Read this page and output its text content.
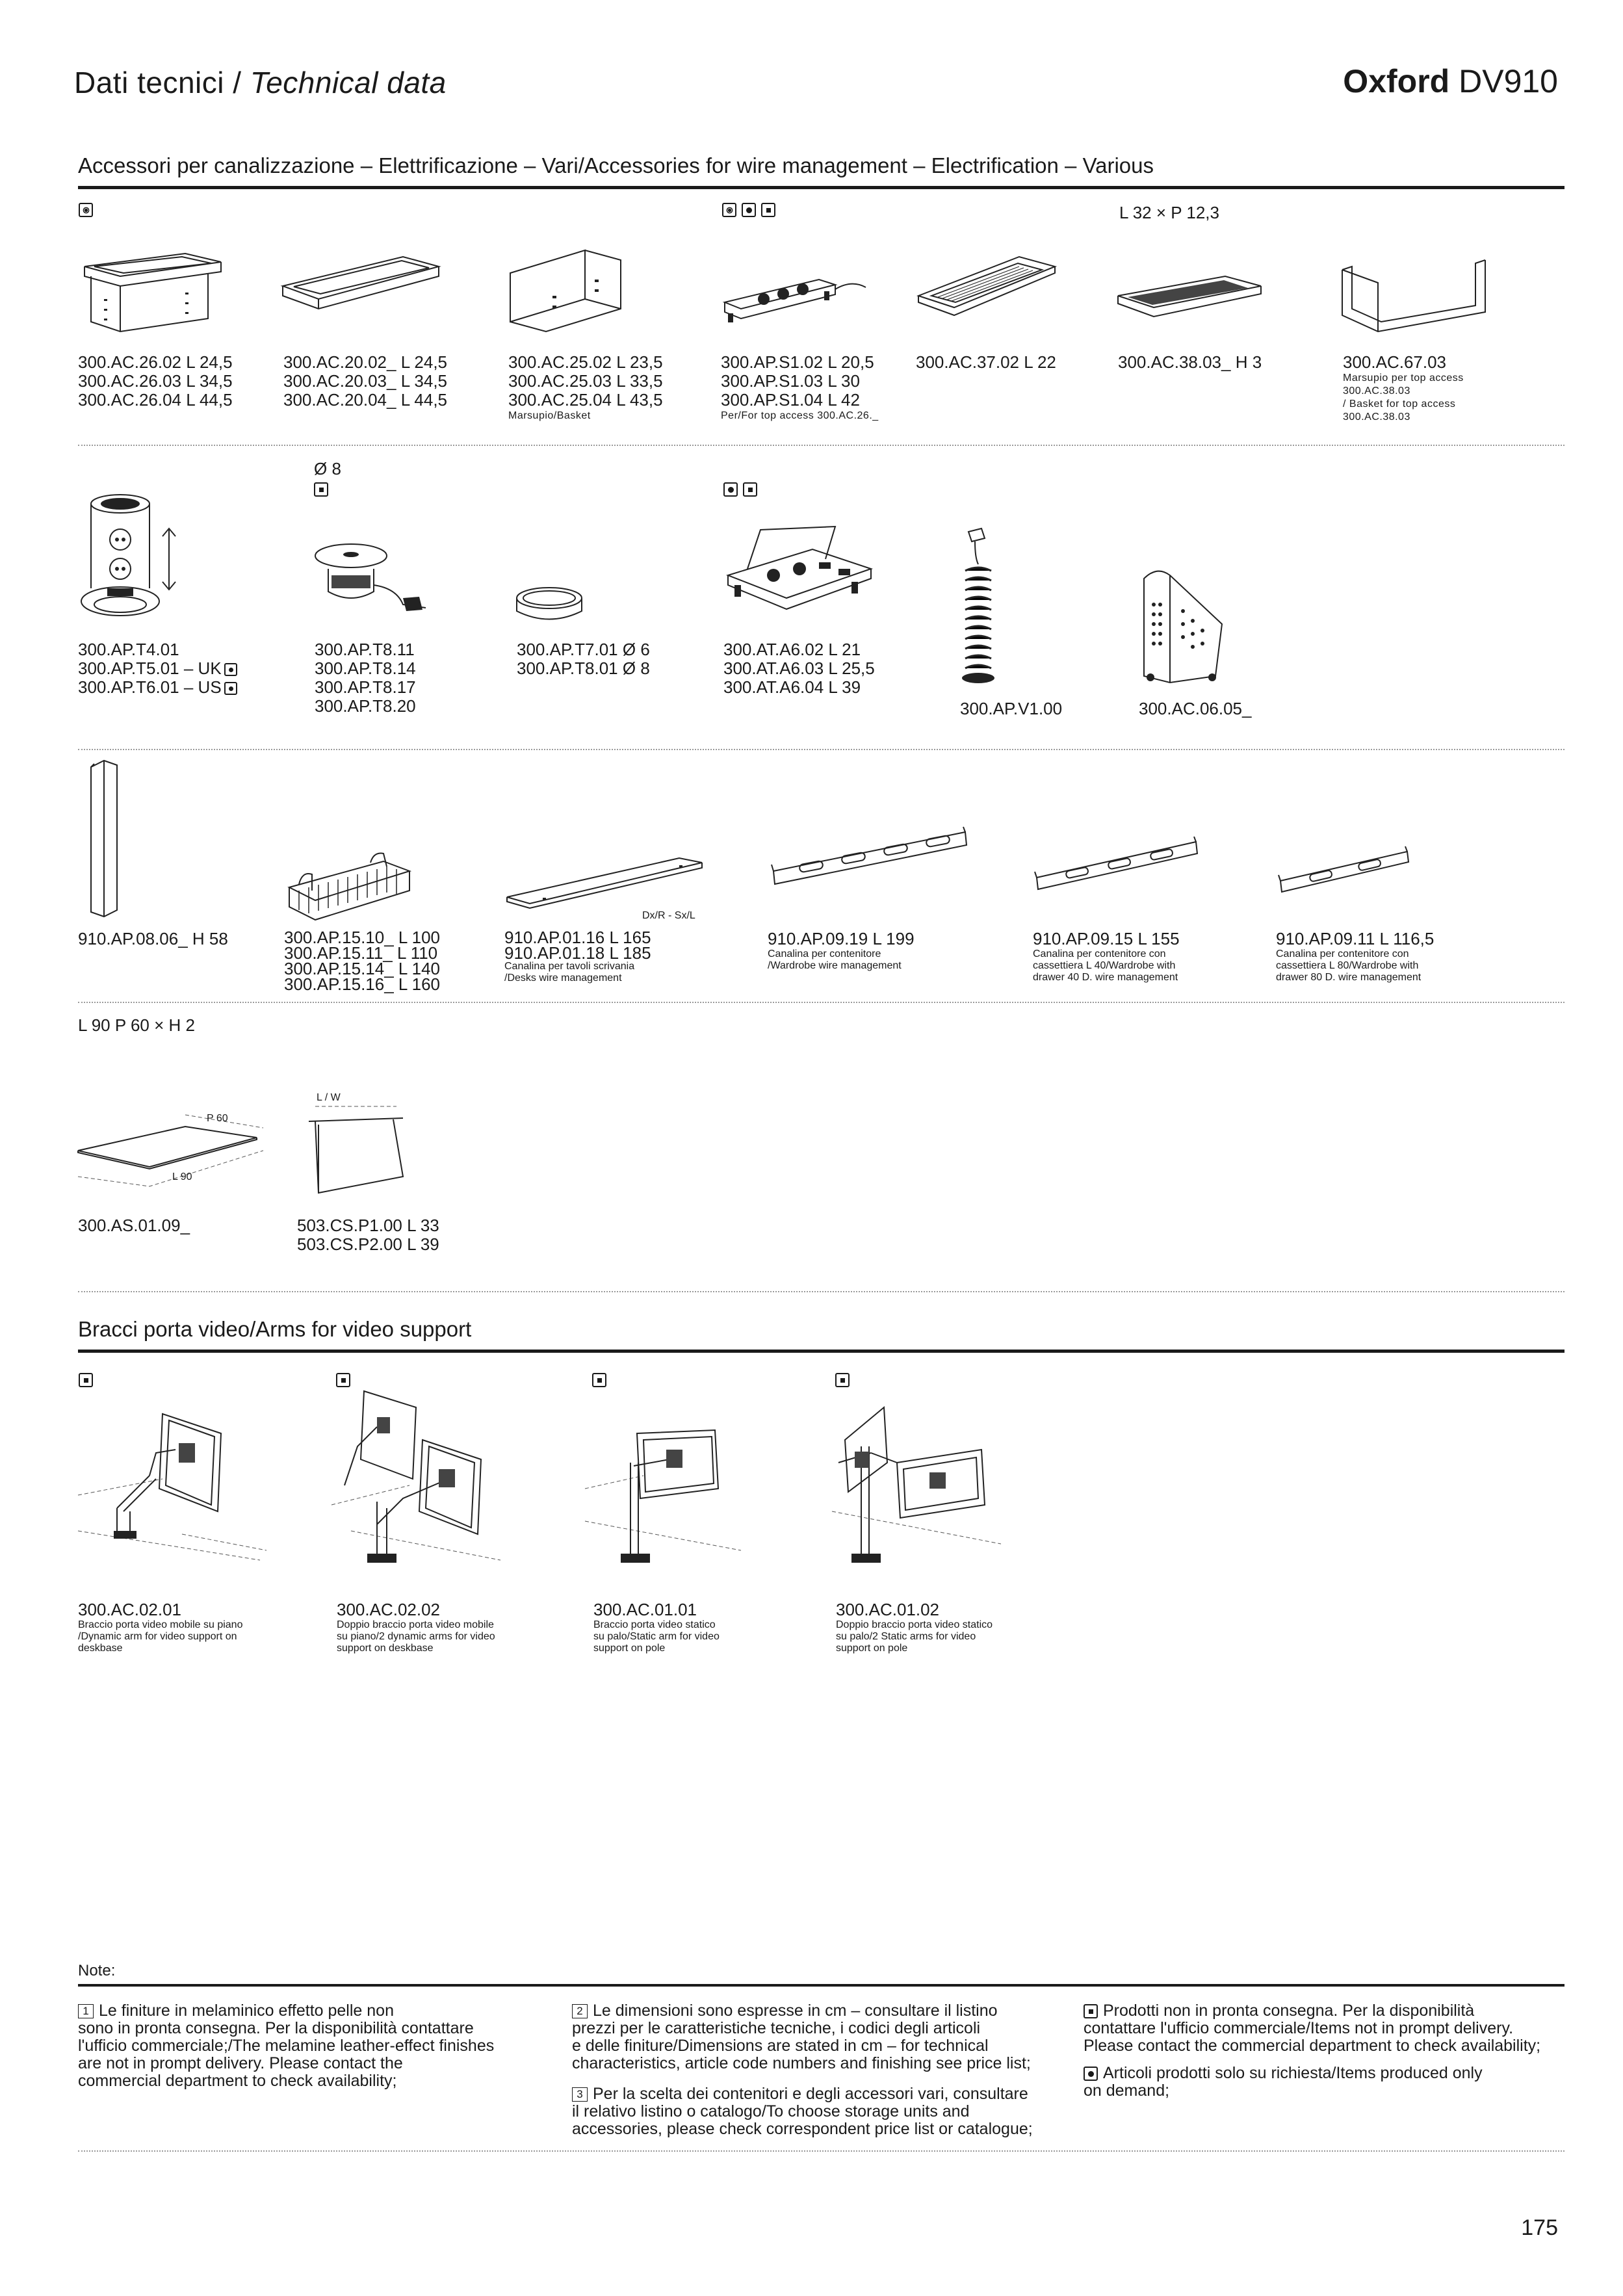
Dati tecnici / Technical data	Oxford DV910
Accessori per canalizzazione – Elettrificazione – Vari/Accessories for wire management – Electrification – Various
L 32 × P 12,3
300.AC.26.02 L 24,5
300.AC.26.03 L 34,5
300.AC.26.04 L 44,5
300.AC.20.02_ L 24,5
300.AC.20.03_ L 34,5
300.AC.20.04_ L 44,5
300.AC.25.02 L 23,5
300.AC.25.03 L 33,5
300.AC.25.04 L 43,5
Marsupio/Basket
300.AP.S1.02 L 20,5
300.AP.S1.03 L 30
300.AP.S1.04 L 42
Per/For top access 300.AC.26._
300.AC.37.02 L 22	300.AC.38.03_ H 3	300.AC.67.03
Marsupio per top access
300.AC.38.03
/ Basket for top access
300.AC.38.03
Ø 8
300.AP.T4.01
300.AP.T5.01 – UK
300.AP.T6.01 – US
300.AP.T8.11
300.AP.T8.14
300.AP.T8.17
300.AP.T8.20
300.AP.T7.01 Ø 6
300.AP.T8.01 Ø 8
300.AT.A6.02 L 21
300.AT.A6.03 L 25,5
300.AT.A6.04 L 39
300.AP.V1.00	300.AC.06.05_
Dx/R - Sx/L
910.AP.08.06_ H 58	300.AP.15.10_ L 100
300.AP.15.11_ L 110
300.AP.15.14_ L 140
300.AP.15.16_ L 160
910.AP.01.16 L 165
910.AP.01.18 L 185
Canalina per tavoli scrivania
/Desks wire management
910.AP.09.19 L 199
Canalina per contenitore
/Wardrobe wire management
910.AP.09.15 L 155
Canalina per contenitore con
cassettiera L 40/Wardrobe with
drawer 40 D. wire management
910.AP.09.11 L 116,5
Canalina per contenitore con
cassettiera L 80/Wardrobe with
drawer 80 D. wire management
L 90 P 60 × H 2
P 60
L 90
L / W
300.AS.01.09_	503.CS.P1.00 L 33
503.CS.P2.00 L 39
Bracci porta video/Arms for video support
300.AC.02.01
Braccio porta video mobile su piano
/Dynamic arm for video support on
deskbase
300.AC.02.02
Doppio braccio porta video mobile
su piano/2 dynamic arms for video
support on deskbase
300.AC.01.01
Braccio porta video statico
su palo/Static arm for video
support on pole
300.AC.01.02
Doppio braccio porta video statico
su palo/2 Static arms for video
support on pole
Note:
1 Le finiture in melaminico effetto pelle non
sono in pronta consegna. Per la disponibilità contattare
l'ufficio commerciale;/The melamine leather-effect finishes
are not in prompt delivery. Please contact the
commercial department to check availability;
2 Le dimensioni sono espresse in cm – consultare il listino
prezzi per le caratteristiche tecniche, i codici degli articoli
e delle finiture/Dimensions are stated in cm – for technical
characteristics, article code numbers and finishing see price list;
3 Per la scelta dei contenitori e degli accessori vari, consultare
il relativo listino o catalogo/To choose storage units and
accessories, please check correspondent price list or catalogue;
Prodotti non in pronta consegna. Per la disponibilità
contattare l'ufficio commerciale/Items not in prompt delivery.
Please contact the commercial department to check availability;
Articoli prodotti solo su richiesta/Items produced only
on demand;
175
